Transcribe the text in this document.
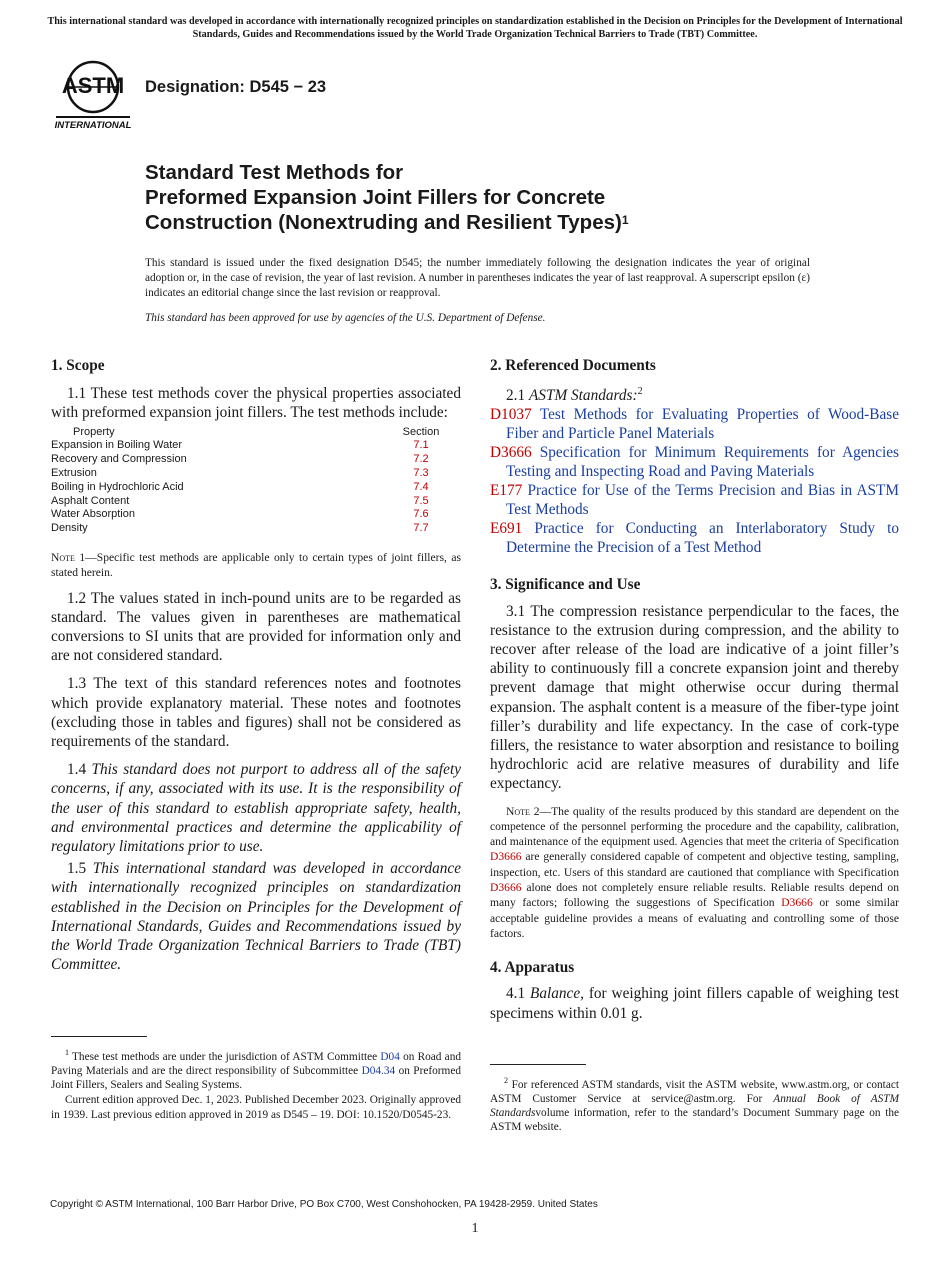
This international standard was developed in accordance with internationally recognized principles on standardization established in the Decision on Principles for the Development of International Standards, Guides and Recommendations issued by the World Trade Organization Technical Barriers to Trade (TBT) Committee.
ASTM
INTERNATIONAL
Designation: D545 − 23
Standard Test Methods for
Preformed Expansion Joint Fillers for Concrete
Construction (Nonextruding and Resilient Types)$^1$
This standard is issued under the fixed designation D545; the number immediately following the designation indicates the year of original adoption or, in the case of revision, the year of last revision. A number in parentheses indicates the year of last reapproval. A superscript epsilon (ε) indicates an editorial change since the last revision or reapproval.
This standard has been approved for use by agencies of the U.S. Department of Defense.

1. Scope

1.1 These test methods cover the physical properties associated with preformed expansion joint fillers. The test methods include:

Property	Section
Expansion in Boiling Water	7.1
Recovery and Compression	7.2
Extrusion	7.3
Boiling in Hydrochloric Acid	7.4
Asphalt Content	7.5
Water Absorption	7.6
Density	7.7

Note 1—Specific test methods are applicable only to certain types of joint fillers, as stated herein.

1.2 The values stated in inch-pound units are to be regarded as standard. The values given in parentheses are mathematical conversions to SI units that are provided for information only and are not considered standard.

1.3 The text of this standard references notes and footnotes which provide explanatory material. These notes and footnotes (excluding those in tables and figures) shall not be considered as requirements of the standard.

1.4 This standard does not purport to address all of the safety concerns, if any, associated with its use. It is the responsibility of the user of this standard to establish appropriate safety, health, and environmental practices and determine the applicability of regulatory limitations prior to use.

1.5 This international standard was developed in accordance with internationally recognized principles on standardization established in the Decision on Principles for the Development of International Standards, Guides and Recommendations issued by the World Trade Organization Technical Barriers to Trade (TBT) Committee.

$^1$ These test methods are under the jurisdiction of ASTM Committee D04 on Road and Paving Materials and are the direct responsibility of Subcommittee D04.34 on Preformed Joint Fillers, Sealers and Sealing Systems.

Current edition approved Dec. 1, 2023. Published December 2023. Originally approved in 1939. Last previous edition approved in 2019 as D545 – 19. DOI: 10.1520/D0545-23.

2. Referenced Documents

2.1 ASTM Standards:$^2$

D1037 Test Methods for Evaluating Properties of Wood-Base Fiber and Particle Panel Materials

D3666 Specification for Minimum Requirements for Agencies Testing and Inspecting Road and Paving Materials

E177 Practice for Use of the Terms Precision and Bias in ASTM Test Methods

E691 Practice for Conducting an Interlaboratory Study to Determine the Precision of a Test Method

3. Significance and Use

3.1 The compression resistance perpendicular to the faces, the resistance to the extrusion during compression, and the ability to recover after release of the load are indicative of a joint filler’s ability to continuously fill a concrete expansion joint and thereby prevent damage that might otherwise occur during thermal expansion. The asphalt content is a measure of the fiber-type joint filler’s durability and life expectancy. In the case of cork-type fillers, the resistance to water absorption and resistance to boiling hydrochloric acid are relative measures of durability and life expectancy.

Note 2—The quality of the results produced by this standard are dependent on the competence of the personnel performing the procedure and the capability, calibration, and maintenance of the equipment used. Agencies that meet the criteria of Specification D3666 are generally considered capable of competent and objective testing, sampling, inspection, etc. Users of this standard are cautioned that compliance with Specification D3666 alone does not completely ensure reliable results. Reliable results depend on many factors; following the suggestions of Specification D3666 or some similar acceptable guideline provides a means of evaluating and controlling some of those factors.

4. Apparatus

4.1 Balance, for weighing joint fillers capable of weighing test specimens within 0.01 g.

$^2$ For referenced ASTM standards, visit the ASTM website, www.astm.org, or contact ASTM Customer Service at service@astm.org. For Annual Book of ASTM Standardsvolume information, refer to the standard’s Document Summary page on the ASTM website.

Copyright © ASTM International, 100 Barr Harbor Drive, PO Box C700, West Conshohocken, PA 19428-2959. United States
1
